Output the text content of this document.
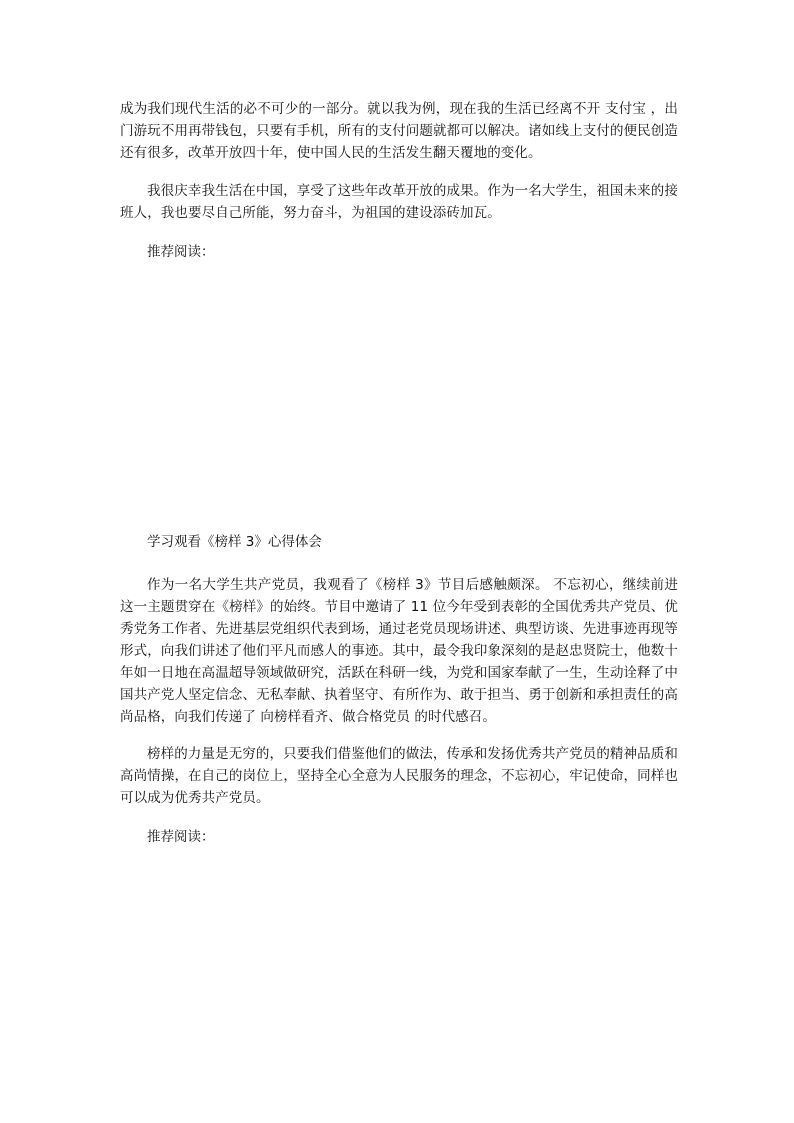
成为我们现代生活的必不可少的一部分。就以我为例，现在我的生活已经离不开 支付宝 ，出门游玩不用再带钱包，只要有手机，所有的支付问题就都可以解决。诸如线上支付的便民创造还有很多，改革开放四十年，使中国人民的生活发生翻天覆地的变化。

我很庆幸我生活在中国，享受了这些年改革开放的成果。作为一名大学生，祖国未来的接班人，我也要尽自己所能，努力奋斗，为祖国的建设添砖加瓦。

推荐阅读：

学习观看《榜样 3》心得体会

作为一名大学生共产党员，我观看了《榜样 3》节目后感触颇深。 不忘初心，继续前进 这一主题贯穿在《榜样》的始终。节目中邀请了 11 位今年受到表彰的全国优秀共产党员、优秀党务工作者、先进基层党组织代表到场，通过老党员现场讲述、典型访谈、先进事迹再现等形式，向我们讲述了他们平凡而感人的事迹。其中，最令我印象深刻的是赵忠贤院士，他数十年如一日地在高温超导领域做研究，活跃在科研一线，为党和国家奉献了一生，生动诠释了中国共产党人坚定信念、无私奉献、执着坚守、有所作为、敢于担当、勇于创新和承担责任的高尚品格，向我们传递了 向榜样看齐、做合格党员 的时代感召。

榜样的力量是无穷的，只要我们借鉴他们的做法，传承和发扬优秀共产党员的精神品质和高尚情操，在自己的岗位上，坚持全心全意为人民服务的理念，不忘初心，牢记使命，同样也可以成为优秀共产党员。

推荐阅读：
